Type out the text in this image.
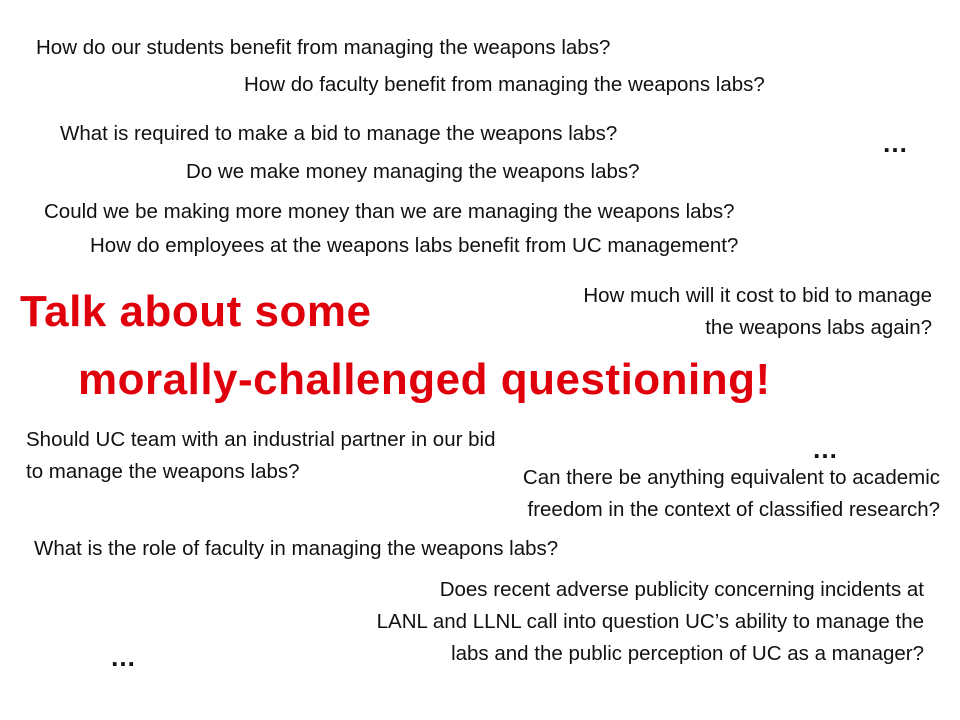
How do our students benefit from managing the weapons labs?

How do faculty benefit from managing the weapons labs?

What is required to make a bid to manage the weapons labs?	…

Do we make money managing the weapons labs?

Could we be making more money than we are managing the weapons labs?

How do employees at the weapons labs benefit from UC management?

How much will it cost to bid to manage
the weapons labs again?
Talk about some
morally-challenged questioning!
Should UC team with an industrial partner in our bid
to manage the weapons labs?
…
Can there be anything equivalent to academic
freedom in the context of classified research?

What is the role of faculty in managing the weapons labs?

Does recent adverse publicity concerning incidents at
LANL and LLNL call into question UC’s ability to manage the
labs and the public perception of UC as a manager?
…
